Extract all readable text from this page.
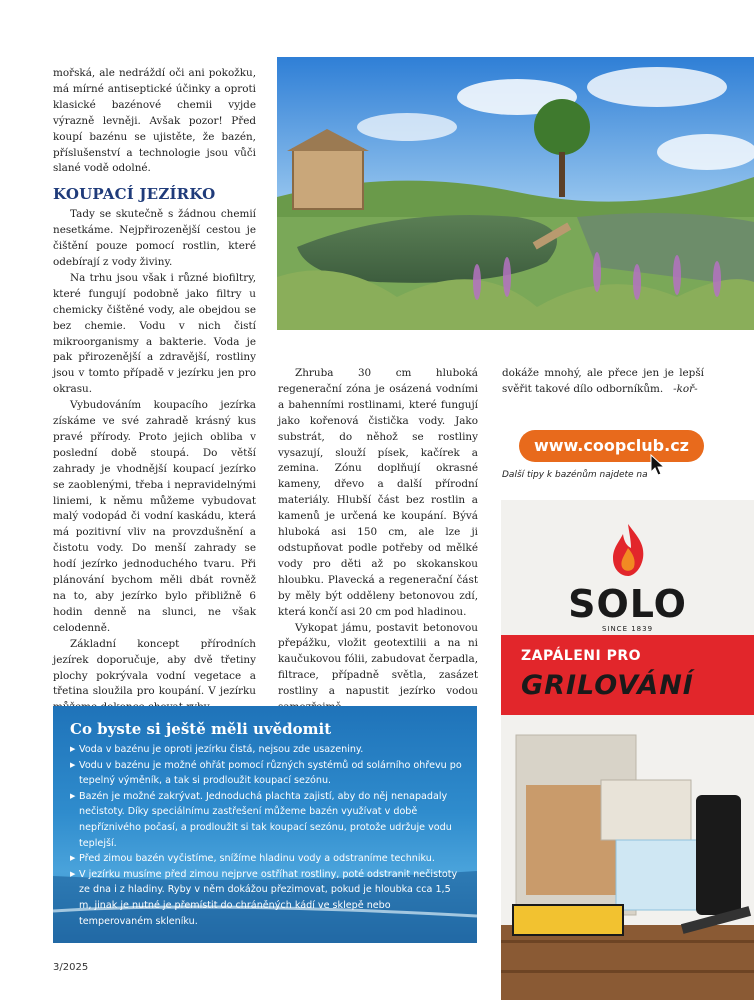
mořská, ale nedráždí oči ani pokožku, má mírné antiseptické účinky a oproti klasické bazénové chemii vyjde výrazně levněji. Avšak pozor! Před koupí bazénu se ujistěte, že bazén, příslušenství a technologie jsou vůči slané vodě odolné.

KOUPACÍ JEZÍRKO

Tady se skutečně s žádnou chemií nesetkáme. Nejpřirozenější cestou je čištění pouze pomocí rostlin, které odebírají z vody živiny.

Na trhu jsou však i různé biofiltry, které fungují podobně jako filtry u chemicky čištěné vody, ale obejdou se bez chemie. Vodu v nich čistí mikroorganismy a bakterie. Voda je pak přirozenější a zdravější, rostliny jsou v tomto případě v jezírku jen pro okrasu.

Vybudováním koupacího jezírka získáme ve své zahradě krásný kus pravé přírody. Proto jejich obliba v poslední době stoupá. Do větší zahrady je vhodnější koupací jezírko se zaoblenými, třeba i nepravidelnými liniemi, k němu můžeme vybudovat malý vodopád či vodní kaskádu, která má pozitivní vliv na provzdušnění a čistotu vody. Do menší zahrady se hodí jezírko jednoduchého tvaru. Při plánování bychom měli dbát rovněž na to, aby jezírko bylo přibližně 6 hodin denně na slunci, ne však celodenně.

Základní koncept přírodních jezírek doporučuje, aby dvě třetiny plochy pokrývala vodní vegetace a třetina sloužila pro koupání. V jezírku

Zhruba 30 cm hluboká regenerační zóna je osázená vodními a bahenními rostlinami, které fungují jako kořenová čistička vody. Jako substrát, do něhož se rostliny vysazují, slouží písek, kačírek a zemina. Zónu doplňují okrasné kameny, dřevo a další přírodní materiály. Hlubší část bez rostlin a kamenů je určená ke koupání. Bývá hluboká asi 150 cm, ale lze ji odstupňovat podle potřeby od mělké vody pro děti až po skokanskou hloubku. Plavecká a regenerační část by měly být odděleny betonovou zdí, která končí asi 20 cm pod hladinou.

Vykopat jámu, postavit betonovou přepážku, vložit geotextilii a na ni kaučukovou fólii, zabudovat čerpadla, filtrace, případně světla, zasázet rostliny a napustit jezírko vodou

dokáže mnohý, ale přece jen je lepší svěřit takové dílo odborníkům. -koř-

www.coopclub.cz
Další tipy k bazénům najdete na
Co byste si ještě měli uvědomit
▶ Voda v bazénu je oproti jezírku čistá, nejsou zde usazeniny.
▶ Vodu v bazénu je možné ohřát pomocí různých systémů od solárního ohřevu po tepelný výměník, a tak si prodloužit koupací sezónu.
▶ Bazén je možné zakrývat. Jednoduchá plachta zajistí, aby do něj nenapadaly nečistoty. Díky speciálnímu zastřešení můžeme bazén využívat v době nepříznivého počasí, a prodloužit si tak koupací sezónu, protože udržuje vodu teplejší.
▶ Před zimou bazén vyčistíme, snížíme hladinu vody a odstraníme techniku.
▶ V jezírku musíme před zimou nejprve ostříhat rostliny, poté odstranit nečistoty ze dna i z hladiny. Ryby v něm dokážou přezimovat, pokud je hloubka cca 1,5 m, jinak je nutné je přemístit do chráněných kádí ve sklepě nebo temperovaném skleníku.
SOLO
SINCE 1839
ZAPÁLENI PRO
GRILOVÁNÍ
3/2025
